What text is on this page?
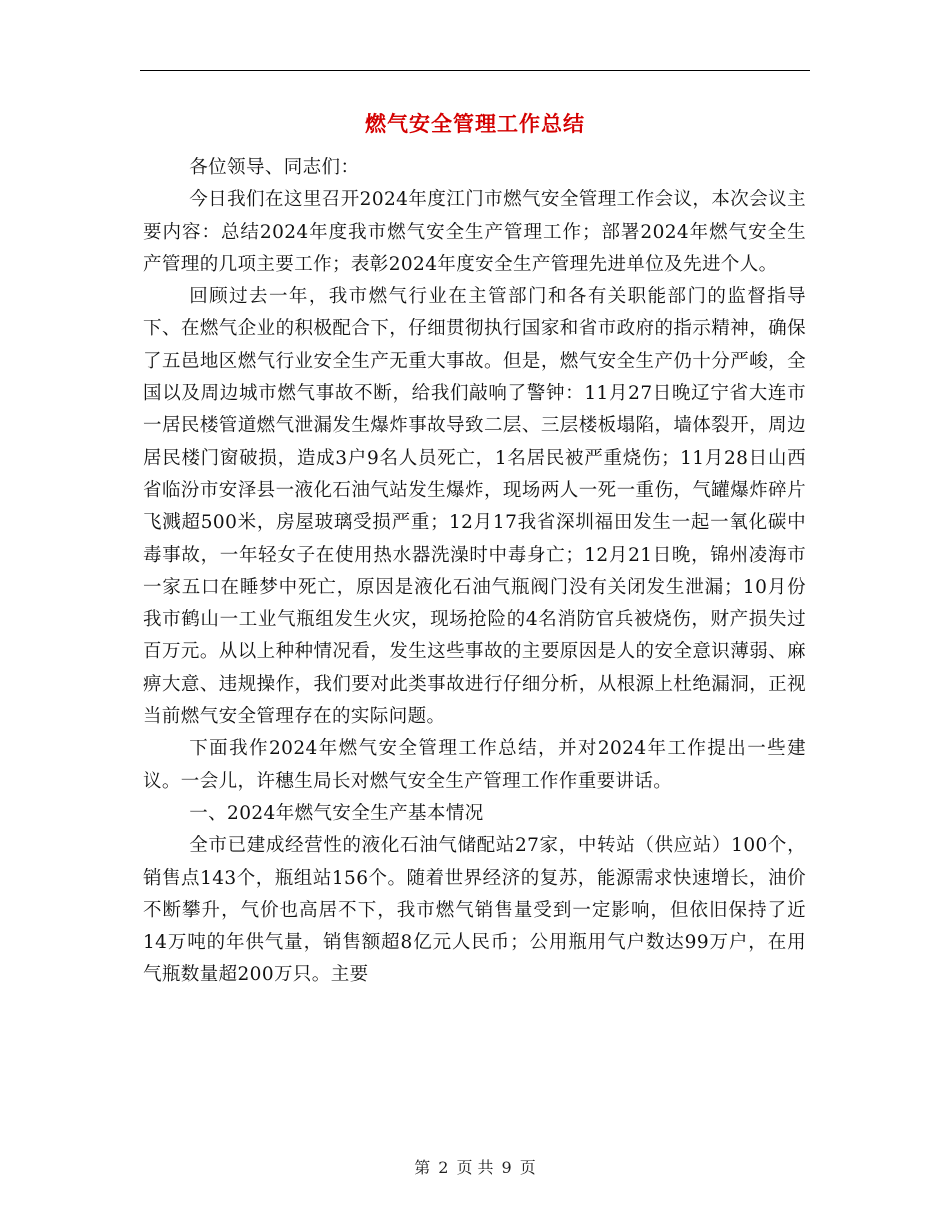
燃气安全管理工作总结

各位领导、同志们：

今日我们在这里召开2024年度江门市燃气安全管理工作会议，本次会议主要内容：总结2024年度我市燃气安全生产管理工作；部署2024年燃气安全生产管理的几项主要工作；表彰2024年度安全生产管理先进单位及先进个人。

回顾过去一年，我市燃气行业在主管部门和各有关职能部门的监督指导下、在燃气企业的积极配合下，仔细贯彻执行国家和省市政府的指示精神，确保了五邑地区燃气行业安全生产无重大事故。但是，燃气安全生产仍十分严峻，全国以及周边城市燃气事故不断，给我们敲响了警钟：11月27日晚辽宁省大连市一居民楼管道燃气泄漏发生爆炸事故导致二层、三层楼板塌陷，墙体裂开，周边居民楼门窗破损，造成3户9名人员死亡，1名居民被严重烧伤；11月28日山西省临汾市安泽县一液化石油气站发生爆炸，现场两人一死一重伤，气罐爆炸碎片飞溅超500米，房屋玻璃受损严重；12月17我省深圳福田发生一起一氧化碳中毒事故，一年轻女子在使用热水器洗澡时中毒身亡；12月21日晚，锦州凌海市一家五口在睡梦中死亡，原因是液化石油气瓶阀门没有关闭发生泄漏；10月份我市鹤山一工业气瓶组发生火灾，现场抢险的4名消防官兵被烧伤，财产损失过百万元。从以上种种情况看，发生这些事故的主要原因是人的安全意识薄弱、麻痹大意、违规操作，我们要对此类事故进行仔细分析，从根源上杜绝漏洞，正视当前燃气安全管理存在的实际问题。

下面我作2024年燃气安全管理工作总结，并对2024年工作提出一些建议。一会儿，许穗生局长对燃气安全生产管理工作作重要讲话。

一、2024年燃气安全生产基本情况

全市已建成经营性的液化石油气储配站27家，中转站（供应站）100个，销售点143个，瓶组站156个。随着世界经济的复苏，能源需求快速增长，油价不断攀升，气价也高居不下，我市燃气销售量受到一定影响，但依旧保持了近14万吨的年供气量，销售额超8亿元人民币；公用瓶用气户数达99万户，在用气瓶数量超200万只。主要

第 2 页 共 9 页
